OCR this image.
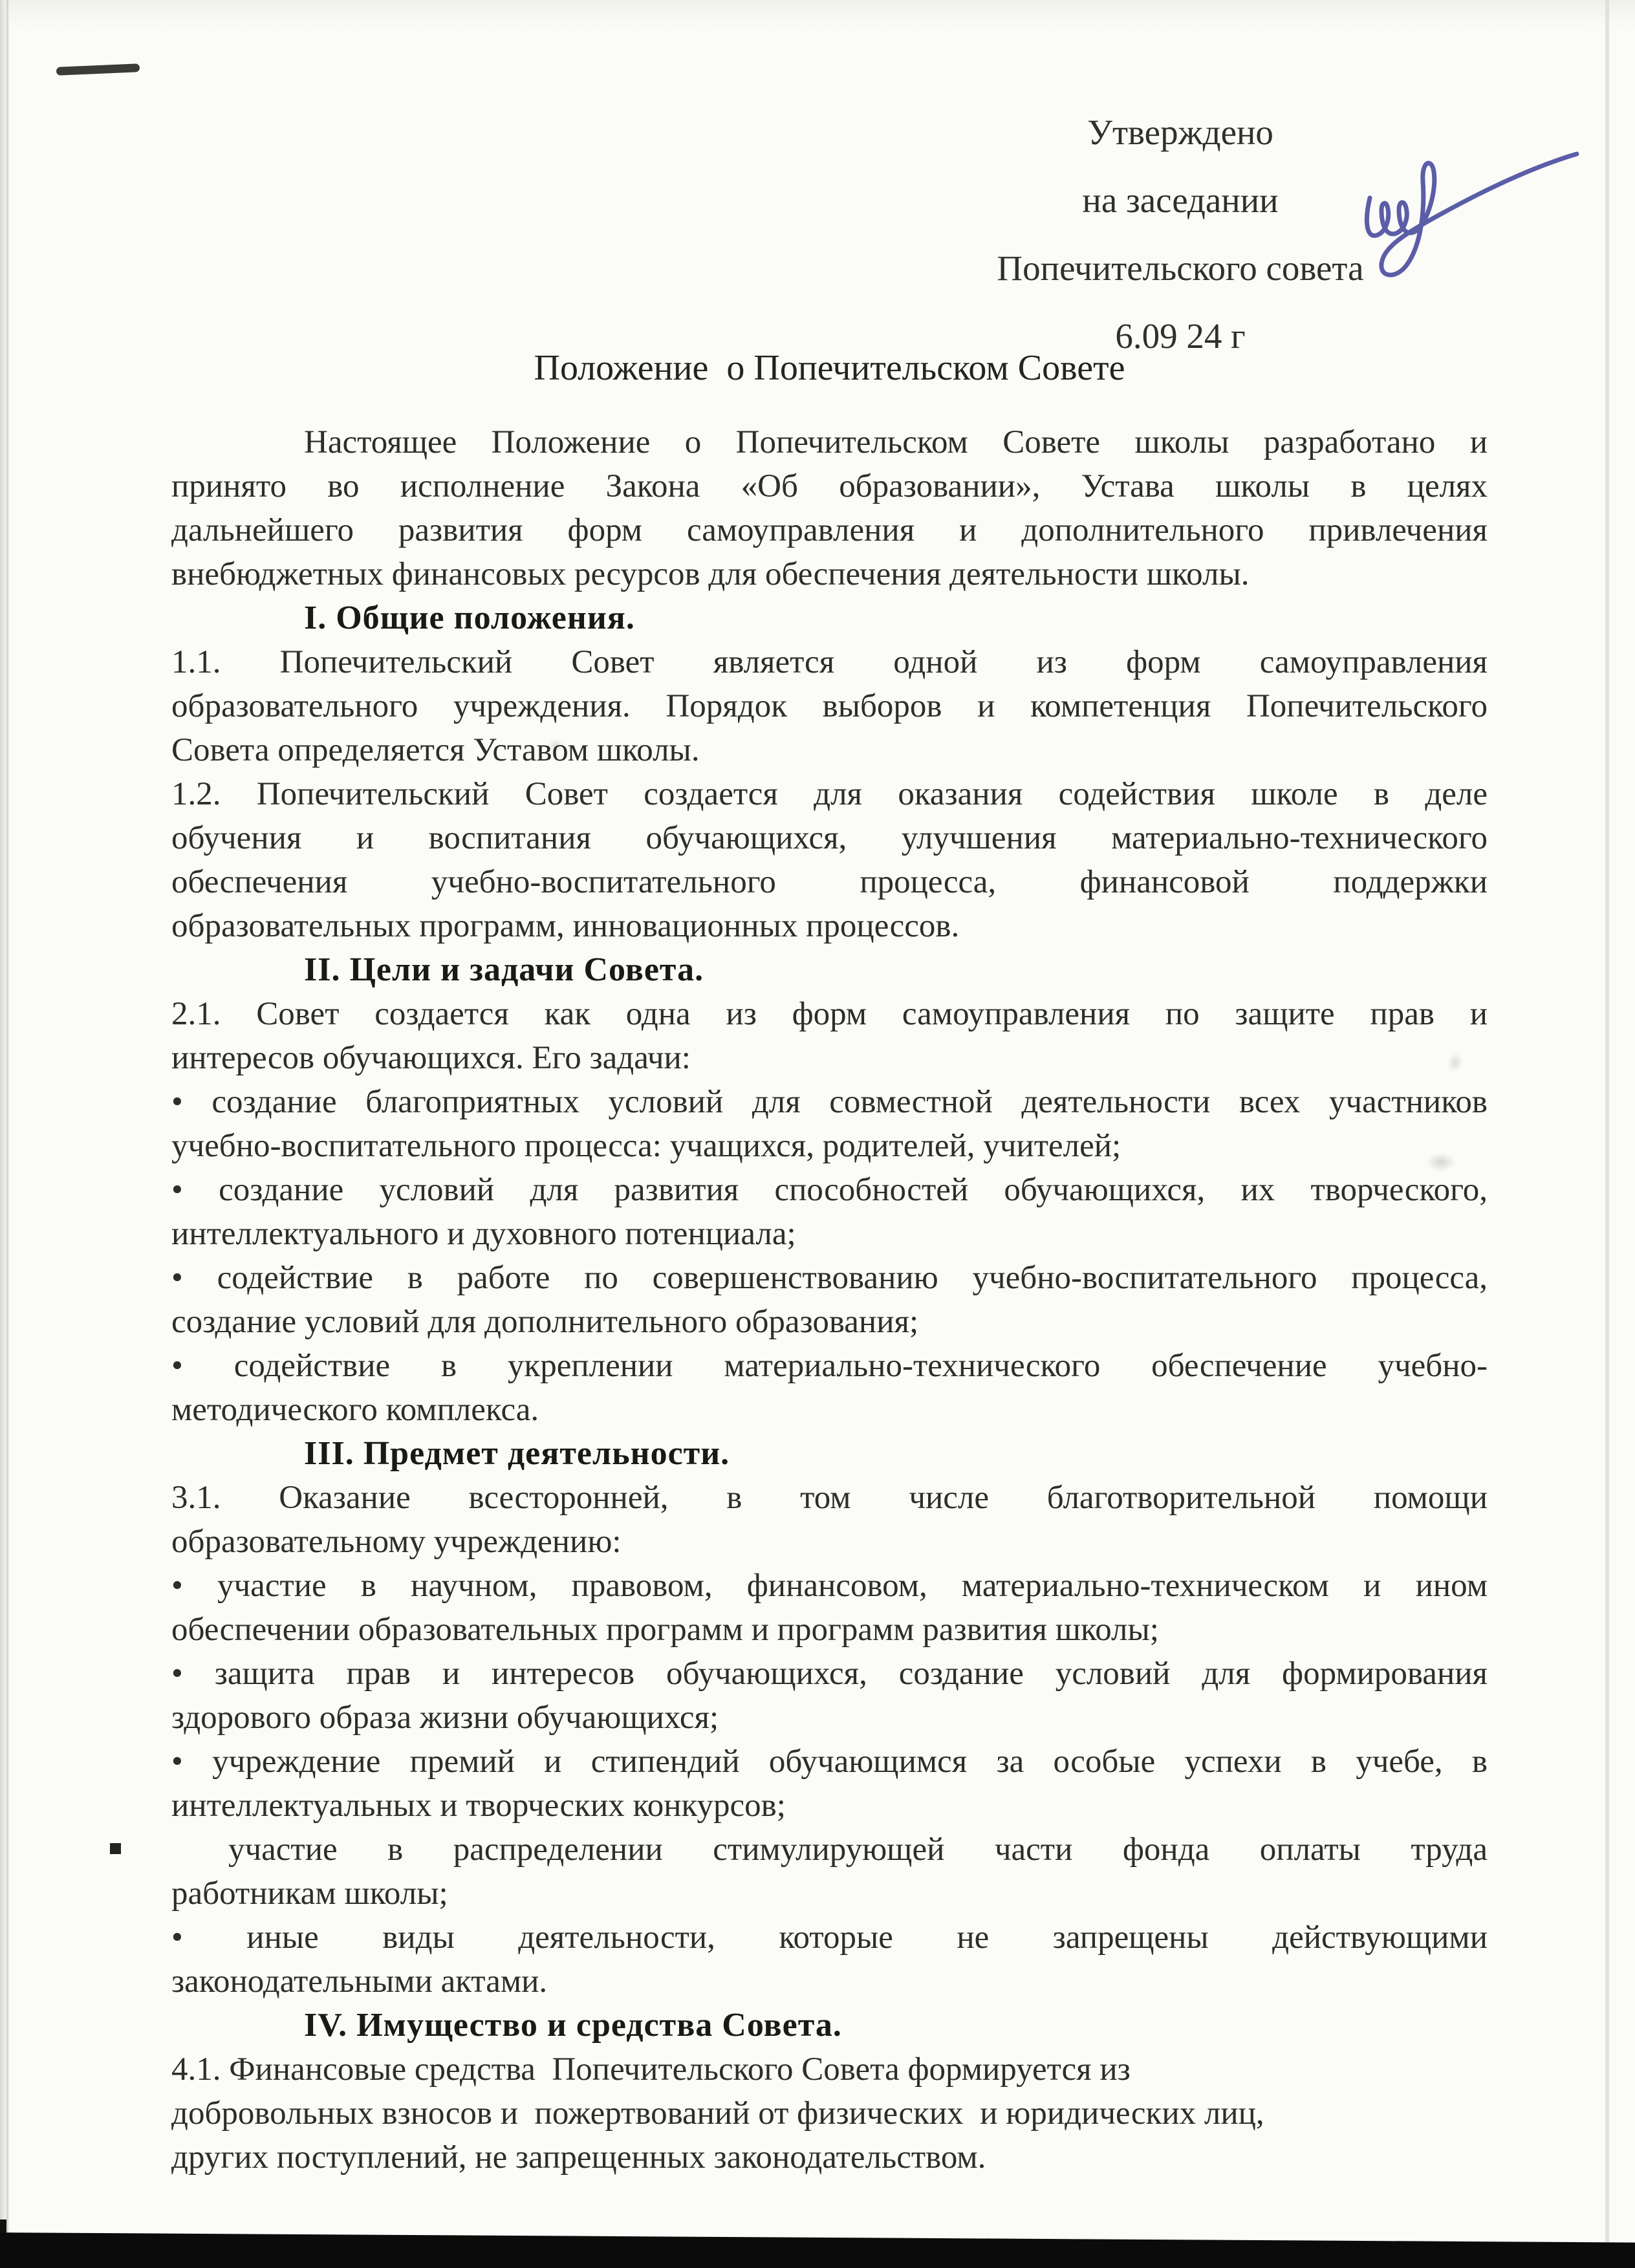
Утверждено
на заседании
Попечительского совета
6.09 24 г
Положение  о Попечительском Совете
Настоящее Положение о Попечительском Совете школы разработано и
принято во исполнение Закона «Об образовании», Устава школы в целях
дальнейшего развития форм самоуправления и дополнительного привлечения
внебюджетных финансовых ресурсов для обеспечения деятельности школы.
I. Общие положения.
1.1. Попечительский Совет является одной из форм самоуправления
образовательного учреждения. Порядок выборов и компетенция Попечительского
Совета определяется Уставом школы.
1.2. Попечительский Совет создается для оказания содействия школе в деле
обучения и воспитания обучающихся, улучшения материально-технического
обеспечения учебно-воспитательного процесса, финансовой поддержки
образовательных программ, инновационных процессов.
II. Цели и задачи Совета.
2.1. Совет создается как одна из форм самоуправления по защите прав и
интересов обучающихся. Его задачи:
• создание благоприятных условий для совместной деятельности всех участников
учебно-воспитательного процесса: учащихся, родителей, учителей;
• создание условий для развития способностей обучающихся, их творческого,
интеллектуального и духовного потенциала;
• содействие в работе по совершенствованию учебно-воспитательного процесса,
создание условий для дополнительного образования;
• содействие в укреплении материально-технического обеспечение учебно-
методического комплекса.
III. Предмет деятельности.
3.1. Оказание всесторонней, в том числе благотворительной помощи
образовательному учреждению:
• участие в научном, правовом, финансовом, материально-техническом и ином
обеспечении образовательных программ и программ развития школы;
• защита прав и интересов обучающихся, создание условий для формирования
здорового образа жизни обучающихся;
• учреждение премий и стипендий обучающимся за особые успехи в учебе, в
интеллектуальных и творческих конкурсов;
участие в распределении стимулирующей части фонда оплаты труда
работникам школы;
• иные виды деятельности, которые не запрещены действующими
законодательными актами.
IV. Имущество и средства Совета.
4.1. Финансовые средства  Попечительского Совета формируется из
добровольных взносов и  пожертвований от физических  и юридических лиц,
других поступлений, не запрещенных законодательством.
